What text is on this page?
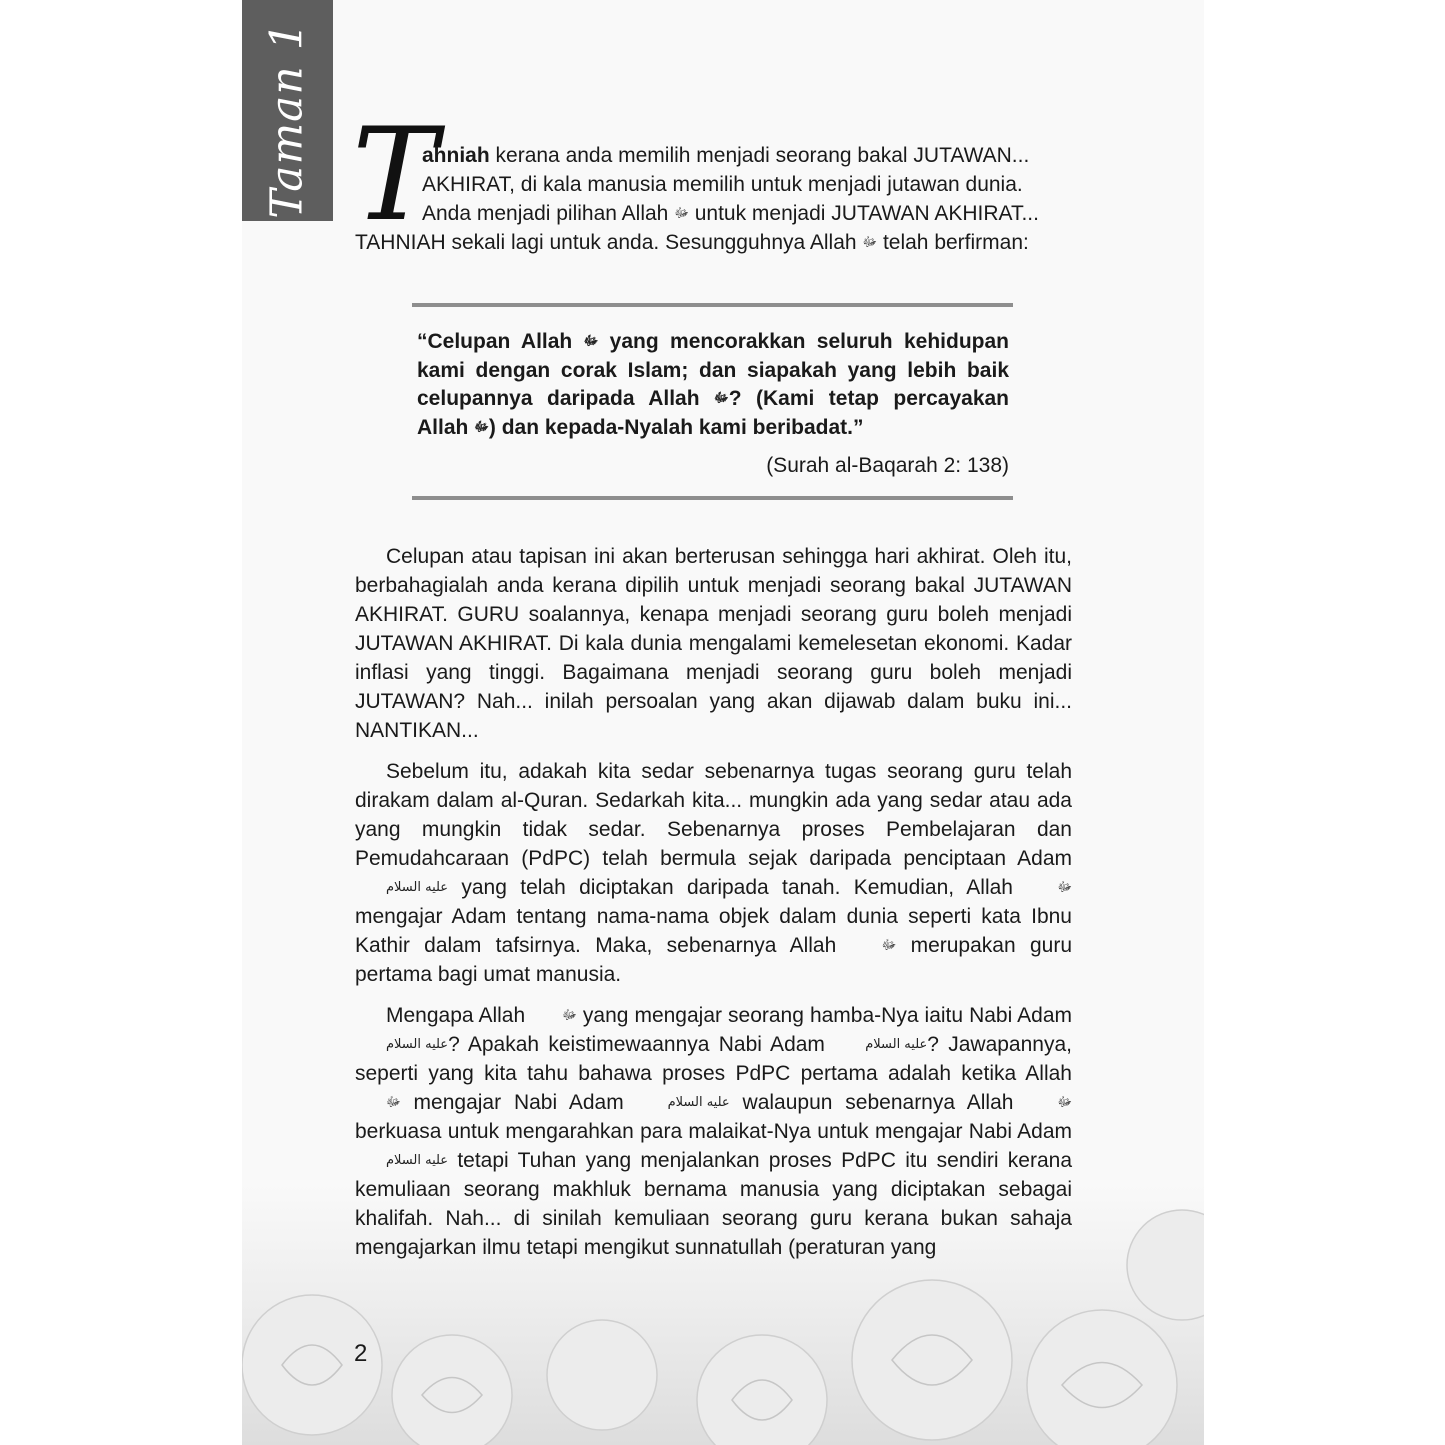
Taman 1 T
ahniah kerana anda memilih menjadi seorang bakal JUTAWAN...
AKHIRAT, di kala manusia memilih untuk menjadi jutawan dunia.
Anda menjadi pilihan Allah ﷻ untuk menjadi JUTAWAN AKHIRAT...
TAHNIAH sekali lagi untuk anda. Sesungguhnya Allah ﷻ telah berfirman:
“Celupan Allah ﷻ yang mencorakkan seluruh kehidupan kami dengan corak Islam; dan siapakah yang lebih baik celupannya daripada Allah ﷻ? (Kami tetap percayakan Allah ﷻ) dan kepada-Nyalah kami beribadat.”
(Surah al-Baqarah 2: 138)

Celupan atau tapisan ini akan berterusan sehingga hari akhirat. Oleh itu, berbahagialah anda kerana dipilih untuk menjadi seorang bakal JUTAWAN AKHIRAT. GURU soalannya, kenapa menjadi seorang guru boleh menjadi JUTAWAN AKHIRAT. Di kala dunia mengalami kemelesetan ekonomi. Kadar inflasi yang tinggi. Bagaimana menjadi seorang guru boleh menjadi JUTAWAN? Nah... inilah persoalan yang akan dijawab dalam buku ini... NANTIKAN...

Sebelum itu, adakah kita sedar sebenarnya tugas seorang guru telah dirakam dalam al-Quran. Sedarkah kita... mungkin ada yang sedar atau ada yang mungkin tidak sedar. Sebenarnya proses Pembelajaran dan Pemudahcaraan (PdPC) telah bermula sejak daripada penciptaan Adam عليه السلام yang telah diciptakan daripada tanah. Kemudian, Allah ﷻ mengajar Adam tentang nama-nama objek dalam dunia seperti kata Ibnu Kathir dalam tafsirnya. Maka, sebenarnya Allah ﷻ merupakan guru pertama bagi umat manusia.

Mengapa Allah ﷻ yang mengajar seorang hamba-Nya iaitu Nabi Adam عليه السلام? Apakah keistimewaannya Nabi Adam عليه السلام? Jawapannya, seperti yang kita tahu bahawa proses PdPC pertama adalah ketika Allah ﷻ mengajar Nabi Adam عليه السلام walaupun sebenarnya Allah ﷻ berkuasa untuk mengarahkan para malaikat-Nya untuk mengajar Nabi Adam عليه السلام tetapi Tuhan yang menjalankan proses PdPC itu sendiri kerana kemuliaan seorang makhluk bernama manusia yang diciptakan sebagai khalifah. Nah... di sinilah kemuliaan seorang guru kerana bukan sahaja mengajarkan ilmu tetapi mengikut sunnatullah (peraturan yang

2
